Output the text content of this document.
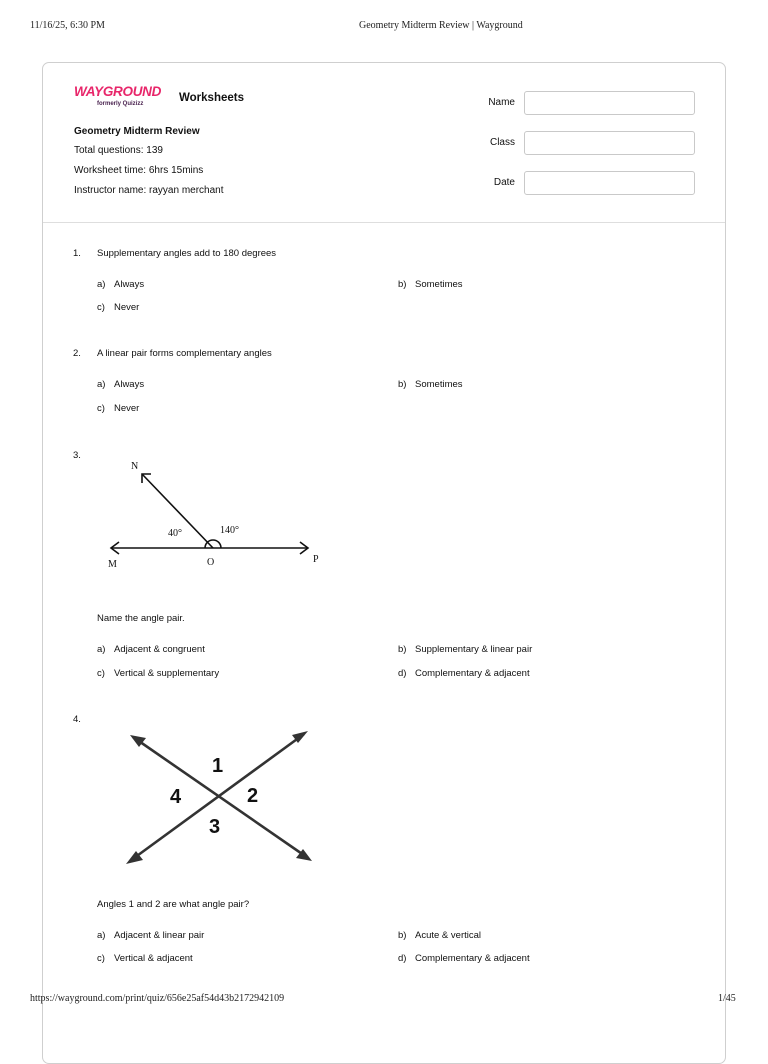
11/16/25, 6:30 PM	Geometry Midterm Review | Wayground
WAYGROUND
formerly Quizizz	Worksheets
Geometry Midterm Review
Total questions: 139
Worksheet time: 6hrs 15mins
Instructor name: rayyan merchant
Name
Class
Date
1. Supplementary angles add to 180 degrees
a) Always	b) Sometimes
c) Never
2. A linear pair forms complementary angles
a) Always	b) Sometimes
c) Never
3.
N
M	O	P
40°	140°
Name the angle pair.
a) Adjacent & congruent	b) Supplementary & linear pair
c) Vertical & supplementary	d) Complementary & adjacent
4.
1
2
3
4
Angles 1 and 2 are what angle pair?
a) Adjacent & linear pair	b) Acute & vertical
c) Vertical & adjacent	d) Complementary & adjacent
https://wayground.com/print/quiz/656e25af54d43b2172942109	1/45
